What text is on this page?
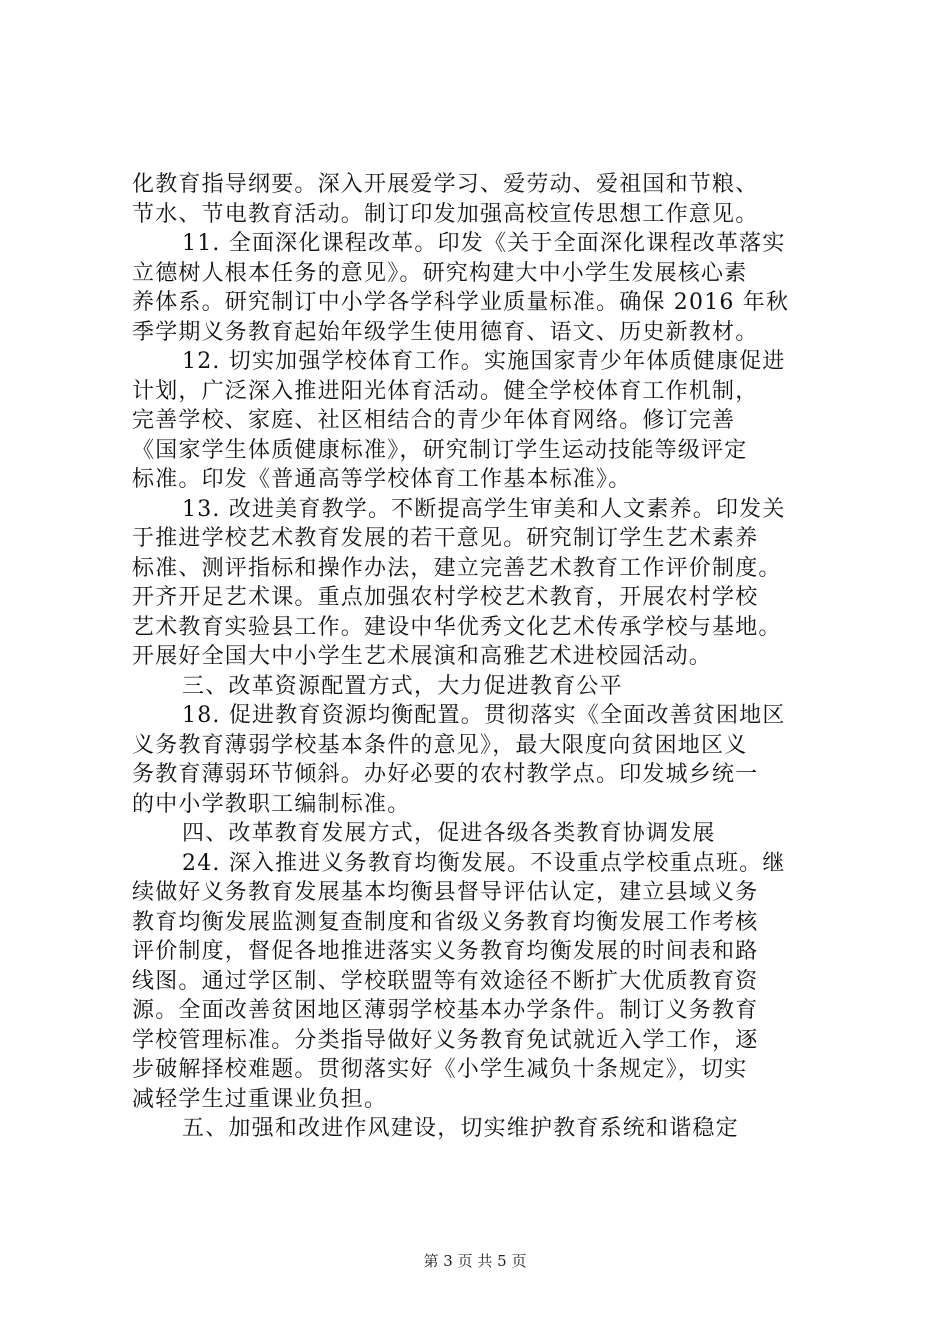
化教育指导纲要。深入开展爱学习、爱劳动、爱祖国和节粮、
节水、节电教育活动。制订印发加强高校宣传思想工作意见。
11. 全面深化课程改革。印发《关于全面深化课程改革落实
立德树人根本任务的意见》。研究构建大中小学生发展核心素
养体系。研究制订中小学各学科学业质量标准。确保 2016 年秋
季学期义务教育起始年级学生使用德育、语文、历史新教材。
12. 切实加强学校体育工作。实施国家青少年体质健康促进
计划，广泛深入推进阳光体育活动。健全学校体育工作机制，
完善学校、家庭、社区相结合的青少年体育网络。修订完善
《国家学生体质健康标准》，研究制订学生运动技能等级评定
标准。印发《普通高等学校体育工作基本标准》。
13. 改进美育教学。不断提高学生审美和人文素养。印发关
于推进学校艺术教育发展的若干意见。研究制订学生艺术素养
标准、测评指标和操作办法，建立完善艺术教育工作评价制度。
开齐开足艺术课。重点加强农村学校艺术教育，开展农村学校
艺术教育实验县工作。建设中华优秀文化艺术传承学校与基地。
开展好全国大中小学生艺术展演和高雅艺术进校园活动。
三、改革资源配置方式，大力促进教育公平
18. 促进教育资源均衡配置。贯彻落实《全面改善贫困地区
义务教育薄弱学校基本条件的意见》，最大限度向贫困地区义
务教育薄弱环节倾斜。办好必要的农村教学点。印发城乡统一
的中小学教职工编制标准。
四、改革教育发展方式，促进各级各类教育协调发展
24. 深入推进义务教育均衡发展。不设重点学校重点班。继
续做好义务教育发展基本均衡县督导评估认定，建立县域义务
教育均衡发展监测复查制度和省级义务教育均衡发展工作考核
评价制度，督促各地推进落实义务教育均衡发展的时间表和路
线图。通过学区制、学校联盟等有效途径不断扩大优质教育资
源。全面改善贫困地区薄弱学校基本办学条件。制订义务教育
学校管理标准。分类指导做好义务教育免试就近入学工作，逐
步破解择校难题。贯彻落实好《小学生减负十条规定》，切实
减轻学生过重课业负担。
五、加强和改进作风建设，切实维护教育系统和谐稳定
第 3 页 共 5 页
